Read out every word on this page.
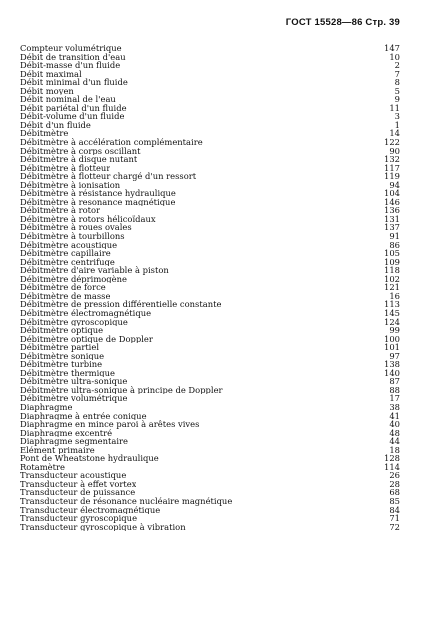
ГОСТ 15528—86 Стр. 39
Compteur volumétrique	147
Débit de transition d'eau	10
Débit-masse d'un fluide	2
Débit maximal	7
Débit minimal d'un fluide	8
Débit moyen	5
Débit nominal de l'eau	9
Débit pariétal d'un fluide	11
Débit-volume d'un fluide	3
Débit d'un fluide	1
Débitmètre	14
Débitmètre à accélération complémentaire	122
Débitmètre à corps oscillant	90
Débitmètre à disque nutant	132
Débitmètre à flotteur	117
Débitmètre à flotteur chargé d'un ressort	119
Débitmètre à ionisation	94
Débitmètre à résistance hydraulique	104
Débitmètre à resonance magnétique	146
Débitmètre à rotor	136
Débitmètre à rotors hélicoïdaux	131
Débitmètre à roues ovales	137
Débitmètre à tourbillons	91
Débitmètre acoustique	86
Débitmètre capillaire	105
Débitmètre centrifuge	109
Débitmètre d'aire variable à piston	118
Débitmètre déprimogène	102
Débitmètre de force	121
Débitmètre de masse	16
Débitmètre de pression différentielle constante	113
Débitmètre électromagnétique	145
Débitmètre gyroscopique	124
Débitmètre optique	99
Débitmètre optique de Doppler	100
Débitmètre partiel	101
Débitmètre sonique	97
Débitmètre turbine	138
Débitmètre thermique	140
Débitmètre ultra-sonique	87
Débitmètre ultra-sonique à principe de Doppler	88
Débitmètre volumétrique	17
Diaphragme	38
Diaphragme à entrée conique	41
Diaphragme en mince paroi à arêtes vives	40
Diaphragme excentré	48
Diaphragme segmentaire	44
Elément primaire	18
Pont de Wheatstone hydraulique	128
Rotamètre	114
Transducteur acoustique	26
Transducteur à effet vortex	28
Transducteur de puissance	68
Transducteur de résonance nucléaire magnétique	85
Transducteur électromagnétique	84
Transducteur gyroscopique	71
Transducteur gyroscopique à vibration	72
